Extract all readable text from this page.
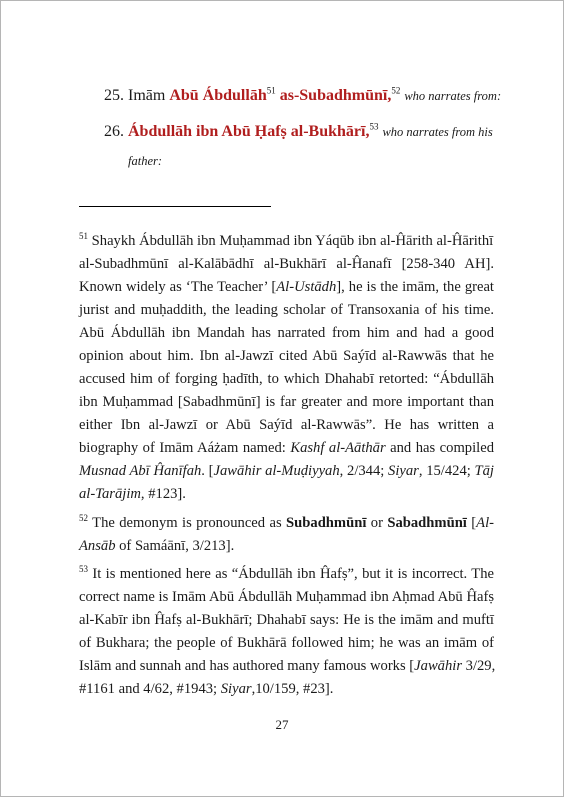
25. Imām Abū Ábdullāh$^{51}$ as-Subadhmūnī,$^{52}$ who narrates from:
26. Ábdullāh ibn Abū Ḥafṣ al-Bukhārī,$^{53}$ who narrates from his
father:
$^{51}$ Shaykh Ábdullāh ibn Muḥammad ibn Yáqūb ibn al-Ĥārith al-Ĥārithī
al-Subadhmūnī al-Kalābādhī al-Bukhārī al-Ĥanafī [258-340 AH].
Known widely as ‘The Teacher’ [Al-Ustādh], he is the imām, the great
jurist and muḥaddith, the leading scholar of Transoxania of his time.
Abū Ábdullāh ibn Mandah has narrated from him and had a good
opinion about him. Ibn al-Jawzī cited Abū Saýīd al-Rawwās that he
accused him of forging ḥadīth, to which Dhahabī retorted: “Ábdullāh
ibn Muḥammad [Sabadhmūnī] is far greater and more important than
either Ibn al-Jawzī or Abū Saýīd al-Rawwās”. He has written a
biography of Imām Aáżam named: Kashf al-Aāthār and has compiled
Musnad Abī Ĥanīfah. [Jawāhir al-Muḍiyyah, 2/344; Siyar, 15/424; Tāj
al-Tarājim, #123].
$^{52}$ The demonym is pronounced as Subadhmūnī or Sabadhmūnī [Al-
Ansāb of Samáānī, 3/213].
$^{53}$ It is mentioned here as “Ábdullāh ibn Ĥafṣ”, but it is incorrect. The
correct name is Imām Abū Ábdullāh Muḥammad ibn Aḥmad Abū Ĥafṣ
al-Kabīr ibn Ĥafṣ al-Bukhārī; Dhahabī says: He is the imām and muftī
of Bukhara; the people of Bukhārā followed him; he was an imām of
Islām and sunnah and has authored many famous works [Jawāhir 3/29,
#1161 and 4/62, #1943; Siyar,10/159, #23].
27
